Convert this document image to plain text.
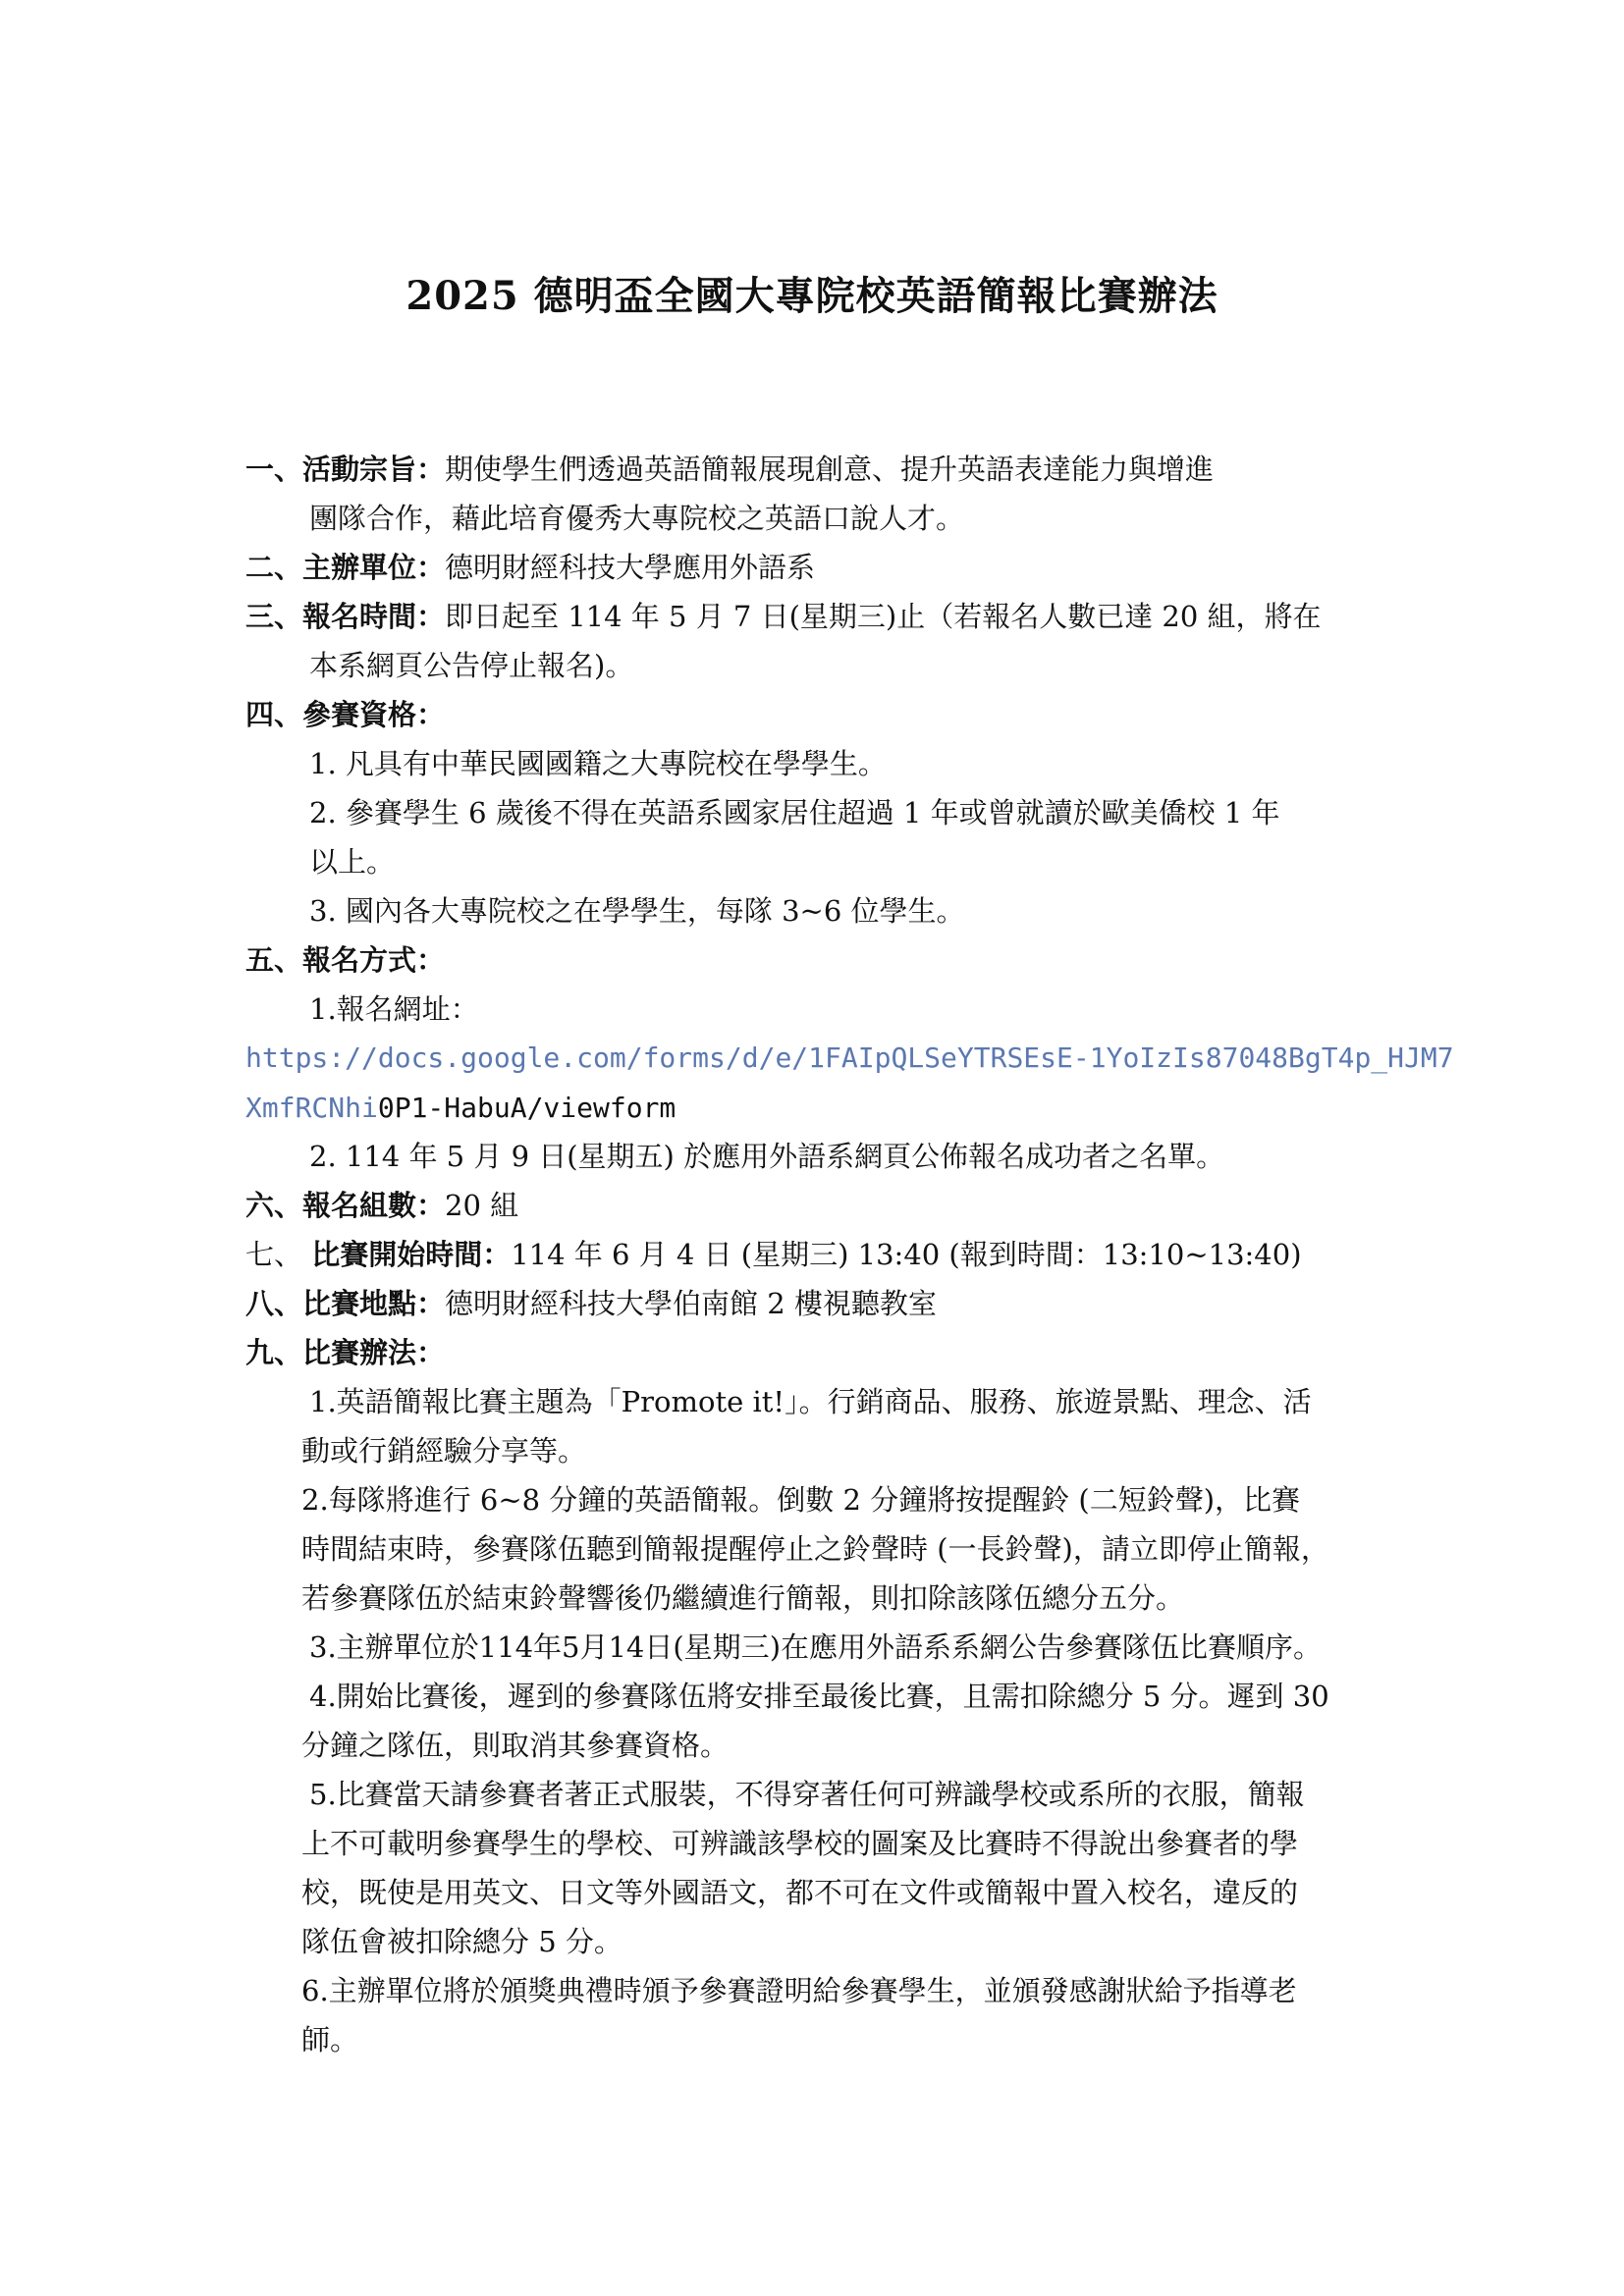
2025 德明盃全國大專院校英語簡報比賽辦法

一、活動宗旨：期使學生們透過英語簡報展現創意、提升英語表達能力與增進

團隊合作，藉此培育優秀大專院校之英語口說人才。

二、主辦單位：德明財經科技大學應用外語系

三、報名時間：即日起至 114 年 5 月 7 日(星期三)止（若報名人數已達 20 組，將在

本系網頁公告停止報名)。

四、參賽資格：

1. 凡具有中華民國國籍之大專院校在學學生。

2. 參賽學生 6 歲後不得在英語系國家居住超過 1 年或曾就讀於歐美僑校 1 年

以上。

3. 國內各大專院校之在學學生，每隊 3~6 位學生。

五、報名方式：

1.報名網址：

https://docs.google.com/forms/d/e/1FAIpQLSeYTRSEsE-1YoIzIs87048BgT4p_HJM7

XmfRCNhi0P1-HabuA/viewform

2. 114 年 5 月 9 日(星期五) 於應用外語系網頁公佈報名成功者之名單。

六、報名組數：20 組

七、 比賽開始時間：114 年 6 月 4 日 (星期三) 13:40 (報到時間：13:10~13:40)

八、比賽地點：德明財經科技大學伯南館 2 樓視聽教室

九、比賽辦法：

1.英語簡報比賽主題為「Promote it!」。行銷商品、服務、旅遊景點、理念、活

動或行銷經驗分享等。

2.每隊將進行 6~8 分鐘的英語簡報。倒數 2 分鐘將按提醒鈴 (二短鈴聲)，比賽

時間結束時，參賽隊伍聽到簡報提醒停止之鈴聲時 (一長鈴聲)，請立即停止簡報，

若參賽隊伍於結束鈴聲響後仍繼續進行簡報，則扣除該隊伍總分五分。

3.主辦單位於114年5月14日(星期三)在應用外語系系網公告參賽隊伍比賽順序。

4.開始比賽後，遲到的參賽隊伍將安排至最後比賽，且需扣除總分 5 分。遲到 30

分鐘之隊伍，則取消其參賽資格。

5.比賽當天請參賽者著正式服裝，不得穿著任何可辨識學校或系所的衣服，簡報

上不可載明參賽學生的學校、可辨識該學校的圖案及比賽時不得說出參賽者的學

校，既使是用英文、日文等外國語文，都不可在文件或簡報中置入校名，違反的

隊伍會被扣除總分 5 分。

6.主辦單位將於頒獎典禮時頒予參賽證明給參賽學生，並頒發感謝狀給予指導老

師。
